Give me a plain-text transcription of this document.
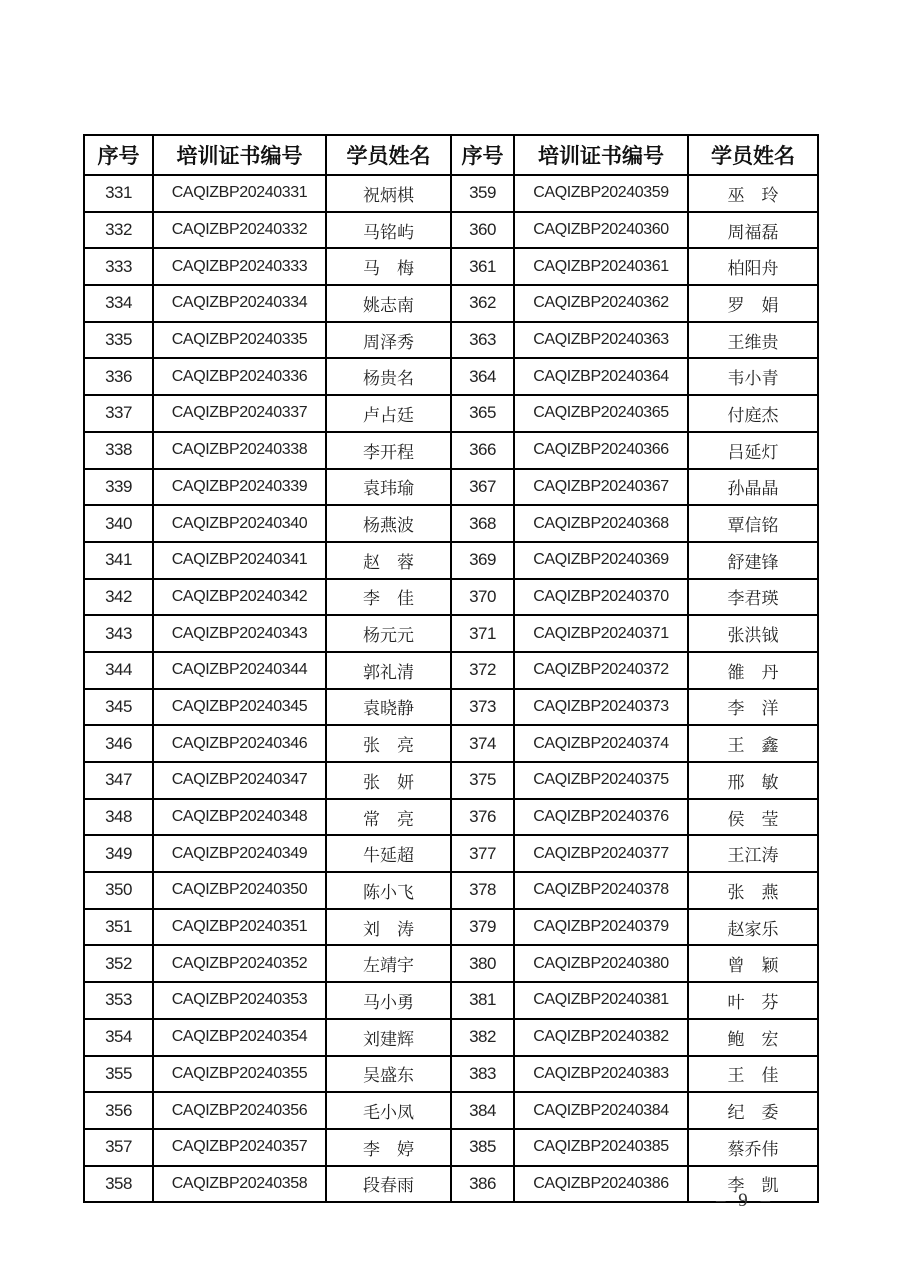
序号	培训证书编号	学员姓名	序号	培训证书编号	学员姓名
331	CAQIZBP20240331	祝炳棋	359	CAQIZBP20240359	巫　玲
332	CAQIZBP20240332	马铭屿	360	CAQIZBP20240360	周福磊
333	CAQIZBP20240333	马　梅	361	CAQIZBP20240361	柏阳舟
334	CAQIZBP20240334	姚志南	362	CAQIZBP20240362	罗　娟
335	CAQIZBP20240335	周泽秀	363	CAQIZBP20240363	王维贵
336	CAQIZBP20240336	杨贵名	364	CAQIZBP20240364	韦小青
337	CAQIZBP20240337	卢占廷	365	CAQIZBP20240365	付庭杰
338	CAQIZBP20240338	李开程	366	CAQIZBP20240366	吕延灯
339	CAQIZBP20240339	袁玮瑜	367	CAQIZBP20240367	孙晶晶
340	CAQIZBP20240340	杨燕波	368	CAQIZBP20240368	覃信铭
341	CAQIZBP20240341	赵　蓉	369	CAQIZBP20240369	舒建锋
342	CAQIZBP20240342	李　佳	370	CAQIZBP20240370	李君瑛
343	CAQIZBP20240343	杨元元	371	CAQIZBP20240371	张洪钺
344	CAQIZBP20240344	郭礼清	372	CAQIZBP20240372	雒　丹
345	CAQIZBP20240345	袁晓静	373	CAQIZBP20240373	李　洋
346	CAQIZBP20240346	张　亮	374	CAQIZBP20240374	王　鑫
347	CAQIZBP20240347	张　妍	375	CAQIZBP20240375	邢　敏
348	CAQIZBP20240348	常　亮	376	CAQIZBP20240376	侯　莹
349	CAQIZBP20240349	牛延超	377	CAQIZBP20240377	王江涛
350	CAQIZBP20240350	陈小飞	378	CAQIZBP20240378	张　燕
351	CAQIZBP20240351	刘　涛	379	CAQIZBP20240379	赵家乐
352	CAQIZBP20240352	左靖宇	380	CAQIZBP20240380	曾　颖
353	CAQIZBP20240353	马小勇	381	CAQIZBP20240381	叶　芬
354	CAQIZBP20240354	刘建辉	382	CAQIZBP20240382	鲍　宏
355	CAQIZBP20240355	吴盛东	383	CAQIZBP20240383	王　佳
356	CAQIZBP20240356	毛小凤	384	CAQIZBP20240384	纪　委
357	CAQIZBP20240357	李　婷	385	CAQIZBP20240385	蔡乔伟
358	CAQIZBP20240358	段春雨	386	CAQIZBP20240386	李　凯
– 9 –
